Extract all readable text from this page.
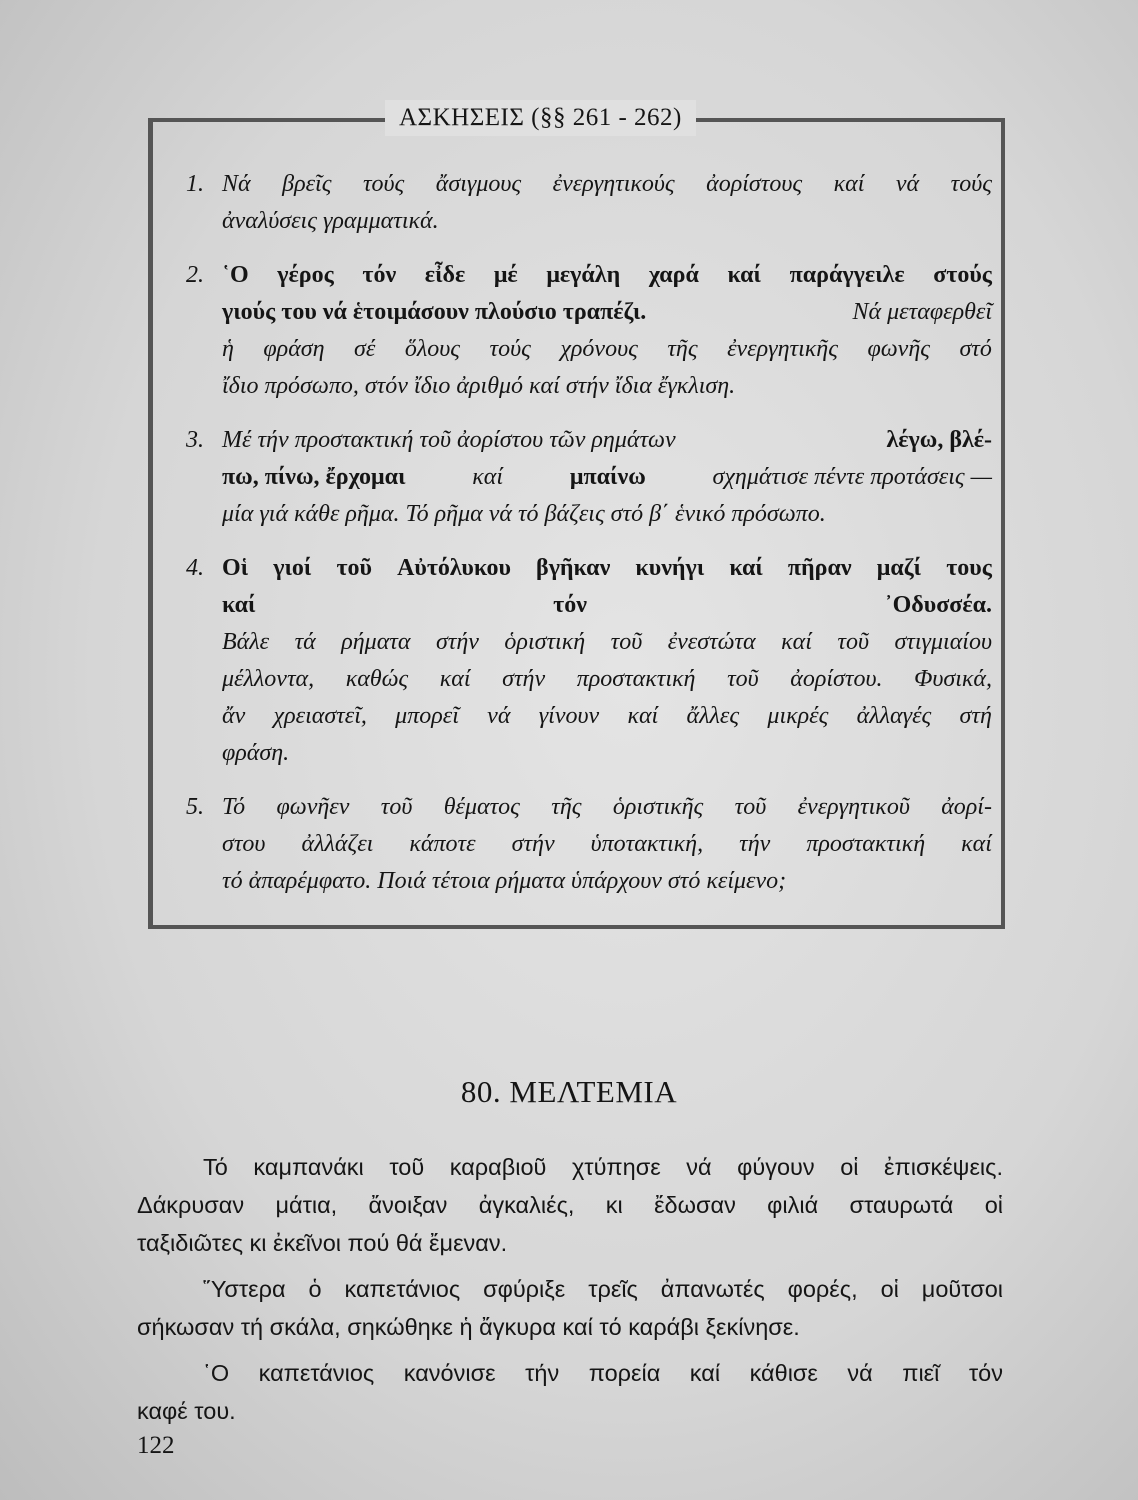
ΑΣΚΗΣΕΙΣ (§§ 261 - 262)
1. Νά βρεῖς τούς ἄσιγμους ἐνεργητικούς ἀορίστους καί νά τούς
ἀναλύσεις γραμματικά.
2. ῾Ο γέρος τόν εἶδε μέ μεγάλη χαρά καί παράγγειλε στούς
γιούς του νά ἑτοιμάσουν πλούσιο τραπέζι.	Νά μεταφερθεῖ
ἡ φράση σέ ὅλους τούς χρόνους τῆς ἐνεργητικῆς φωνῆς στό
ἴδιο πρόσωπο, στόν ἴδιο ἀριθμό καί στήν ἴδια ἔγκλιση.
3. Μέ τήν προστακτική τοῦ ἀορίστου τῶν ρημάτων	λέγω, βλέ-
πω, πίνω, ἔρχομαι	καί	μπαίνω	σχημάτισε πέντε προτάσεις —
μία γιά κάθε ρῆμα. Τό ρῆμα νά τό βάζεις στό β΄ ἑνικό πρόσωπο.
4. Οἱ γιοί τοῦ Αὐτόλυκου βγῆκαν κυνήγι καί πῆραν μαζί τους
καί	τόν	᾿Οδυσσέα.
Βάλε τά ρήματα στήν ὁριστική τοῦ ἐνεστώτα καί τοῦ στιγμιαίου
μέλλοντα, καθώς καί στήν προστακτική τοῦ ἀορίστου. Φυσικά,
ἄν χρειαστεῖ, μπορεῖ νά γίνουν καί ἄλλες μικρές ἀλλαγές στή
φράση.
5. Τό φωνῆεν τοῦ θέματος τῆς ὁριστικῆς τοῦ ἐνεργητικοῦ ἀορί-
στου ἀλλάζει κάποτε στήν ὑποτακτική, τήν προστακτική καί
τό ἀπαρέμφατο. Ποιά τέτοια ρήματα ὑπάρχουν στό κείμενο;
80. ΜΕΛΤΕΜΙΑ
Τό καμπανάκι τοῦ καραβιοῦ χτύπησε νά φύγουν οἱ ἐπισκέψεις.
Δάκρυσαν μάτια, ἄνοιξαν ἀγκαλιές, κι ἔδωσαν φιλιά σταυρωτά οἱ
ταξιδιῶτες κι ἐκεῖνοι πού θά ἔμεναν.
῞Υστερα ὁ καπετάνιος σφύριξε τρεῖς ἀπανωτές φορές, οἱ μοῦτσοι
σήκωσαν τή σκάλα, σηκώθηκε ἡ ἄγκυρα καί τό καράβι ξεκίνησε.
῾Ο καπετάνιος κανόνισε τήν πορεία καί κάθισε νά πιεῖ τόν
καφέ του.
122
